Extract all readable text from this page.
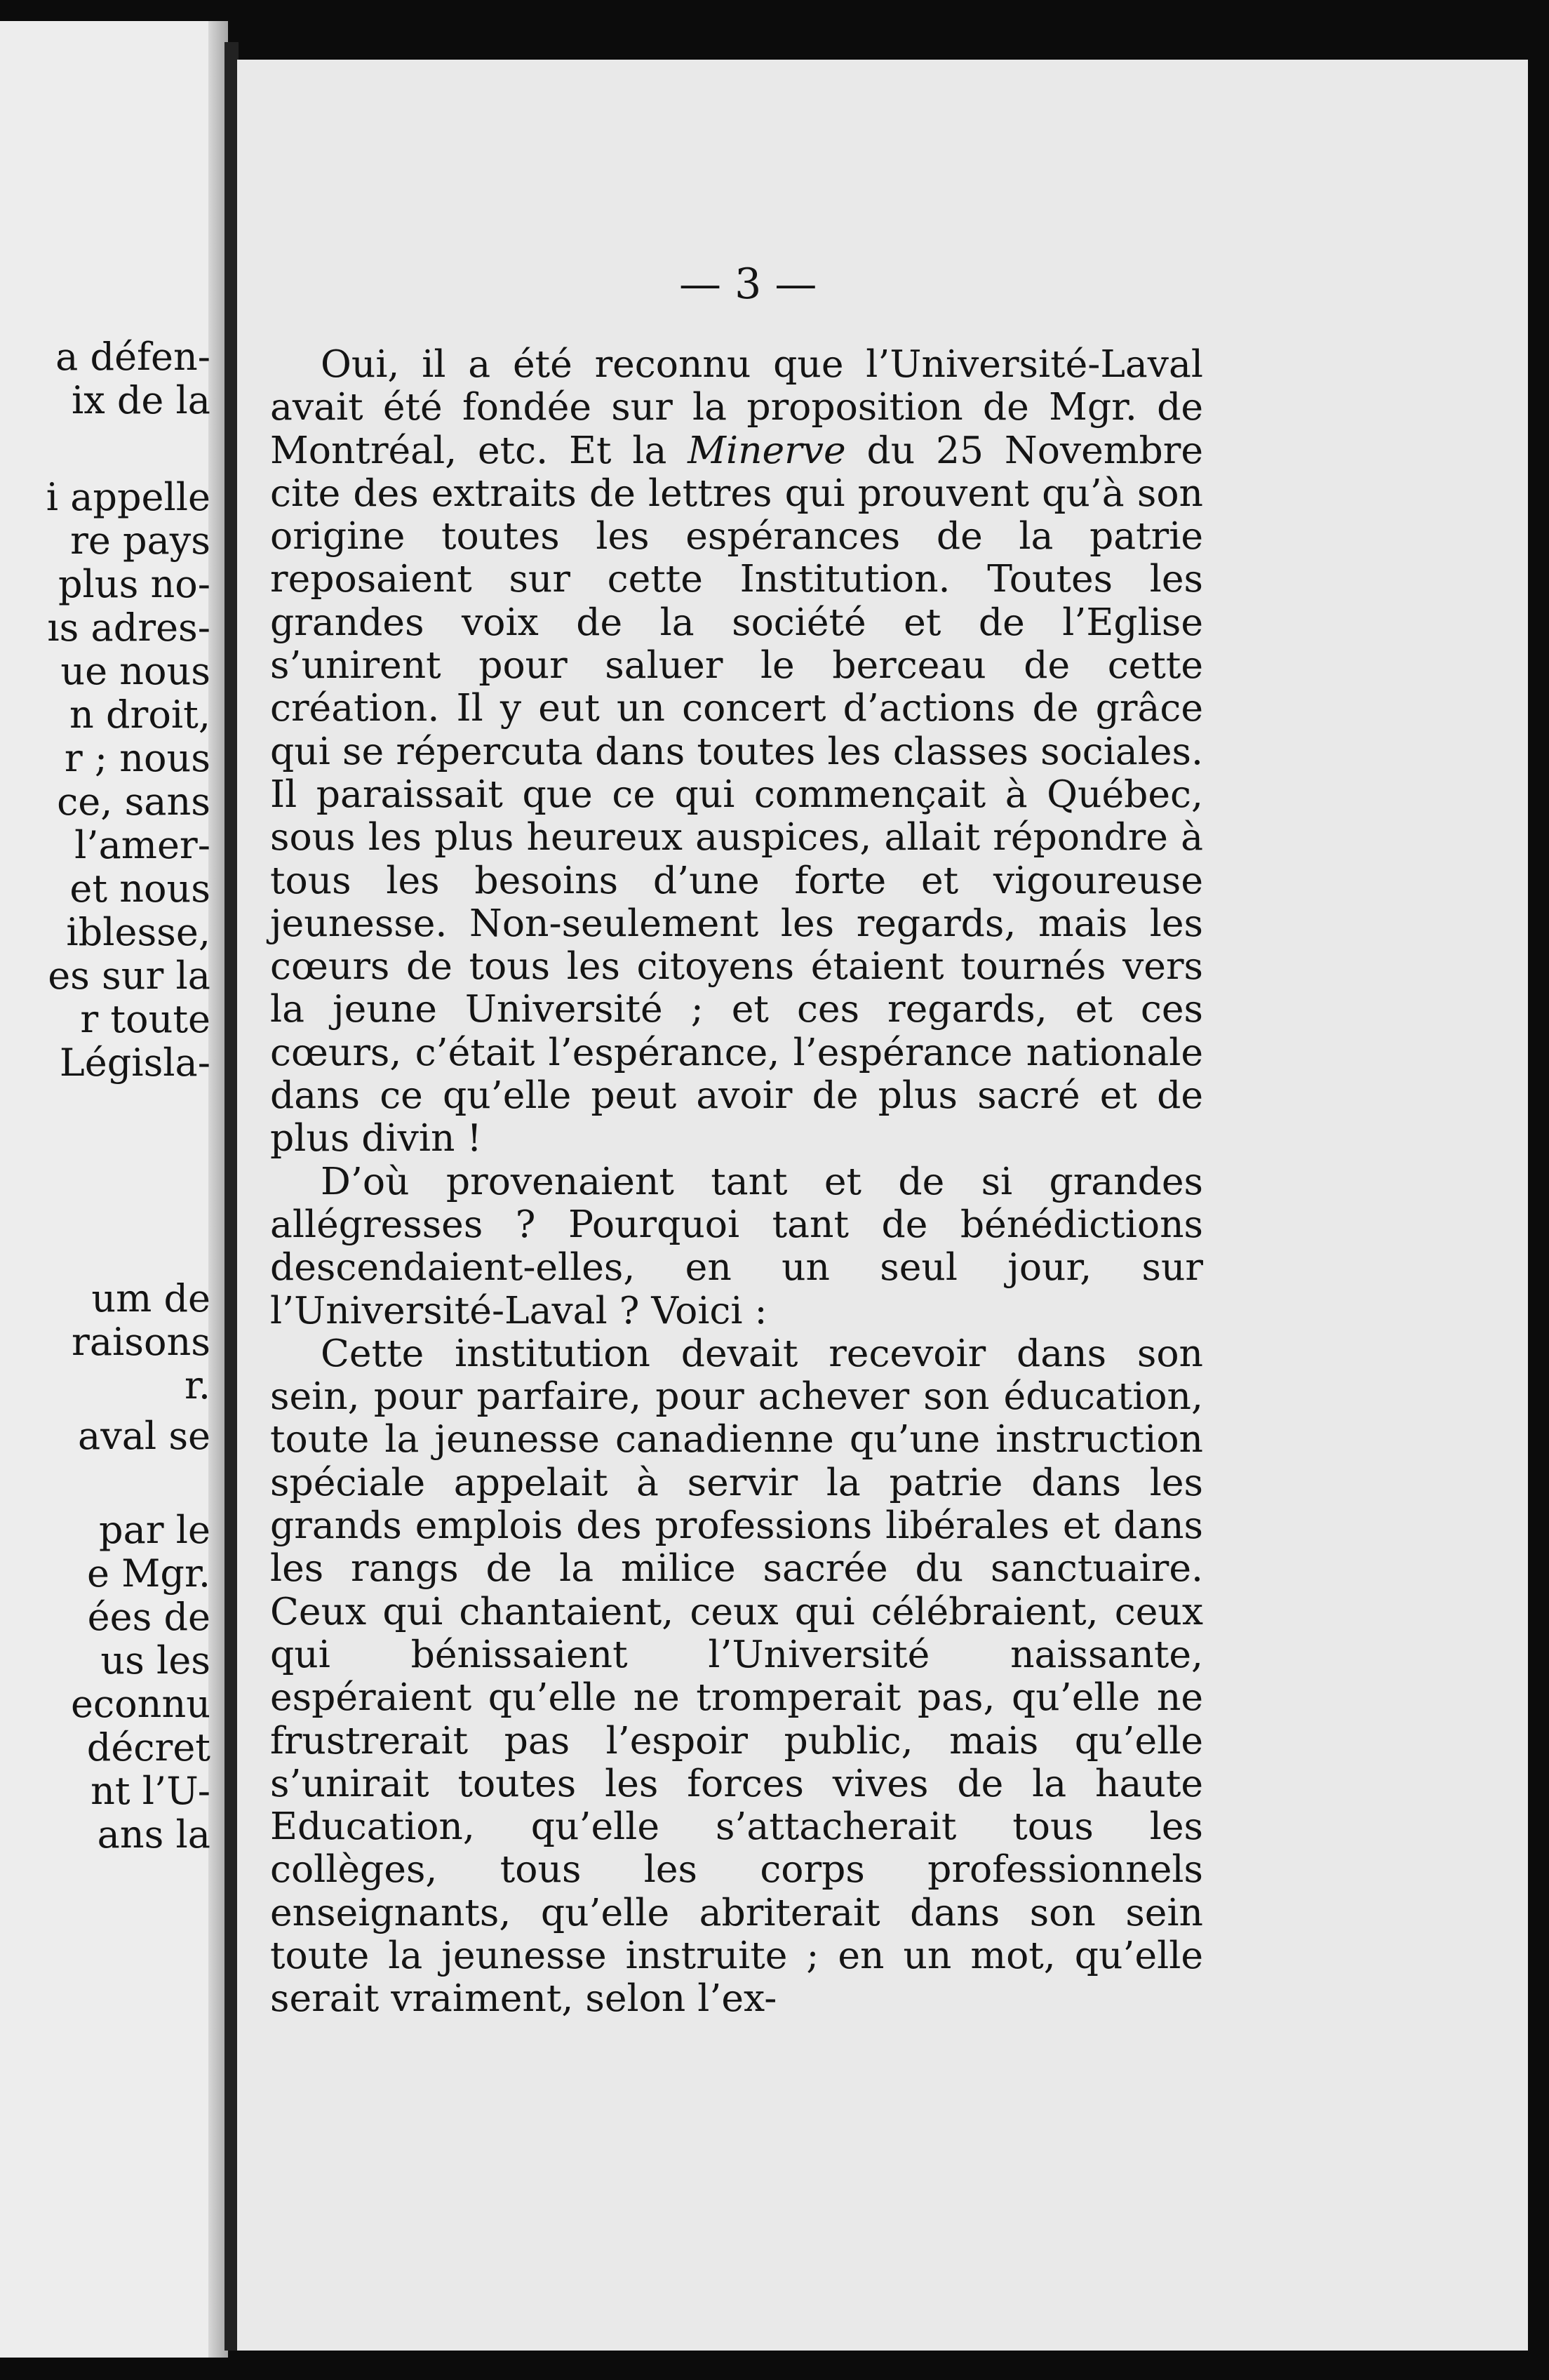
a défen-
ix de la
i appelle
re pays
plus no-
ıs adres-
ue nous
n droit,
r ; nous
ce, sans
l’amer-
et nous
iblesse,
es sur la
r toute
Législa-
um de
raisons
r.
aval se
par le
e Mgr.
ées de
us les
econnu
décret
nt l’U-
ans la
— 3 —

Oui, il a été reconnu que l’Université-Laval avait été fondée sur la proposition de Mgr. de Montréal, etc. Et la Minerve du 25 Novembre cite des extraits de lettres qui prouvent qu’à son origine toutes les espérances de la patrie reposaient sur cette Institution. Toutes les grandes voix de la société et de l’Eglise s’unirent pour saluer le berceau de cette création. Il y eut un concert d’actions de grâce qui se répercuta dans toutes les classes sociales. Il paraissait que ce qui commençait à Québec, sous les plus heureux auspices, allait répondre à tous les besoins d’une forte et vigoureuse jeunesse. Non-seulement les regards, mais les cœurs de tous les citoyens étaient tournés vers la jeune Université ; et ces regards, et ces cœurs, c’était l’espérance, l’espérance nationale dans ce qu’elle peut avoir de plus sacré et de plus divin !

D’où provenaient tant et de si grandes allégresses ? Pourquoi tant de bénédictions descendaient-elles, en un seul jour, sur l’Université-Laval ? Voici :

Cette institution devait recevoir dans son sein, pour parfaire, pour achever son éducation, toute la jeunesse canadienne qu’une instruction spéciale appelait à servir la patrie dans les grands emplois des professions libérales et dans les rangs de la milice sacrée du sanctuaire. Ceux qui chantaient, ceux qui célébraient, ceux qui bénissaient l’Université naissante, espéraient qu’elle ne tromperait pas, qu’elle ne frustrerait pas l’espoir public, mais qu’elle s’unirait toutes les forces vives de la haute Education, qu’elle s’attacherait tous les collèges, tous les corps professionnels enseignants, qu’elle abriterait dans son sein toute la jeunesse instruite ; en un mot, qu’elle serait vraiment, selon l’ex-
